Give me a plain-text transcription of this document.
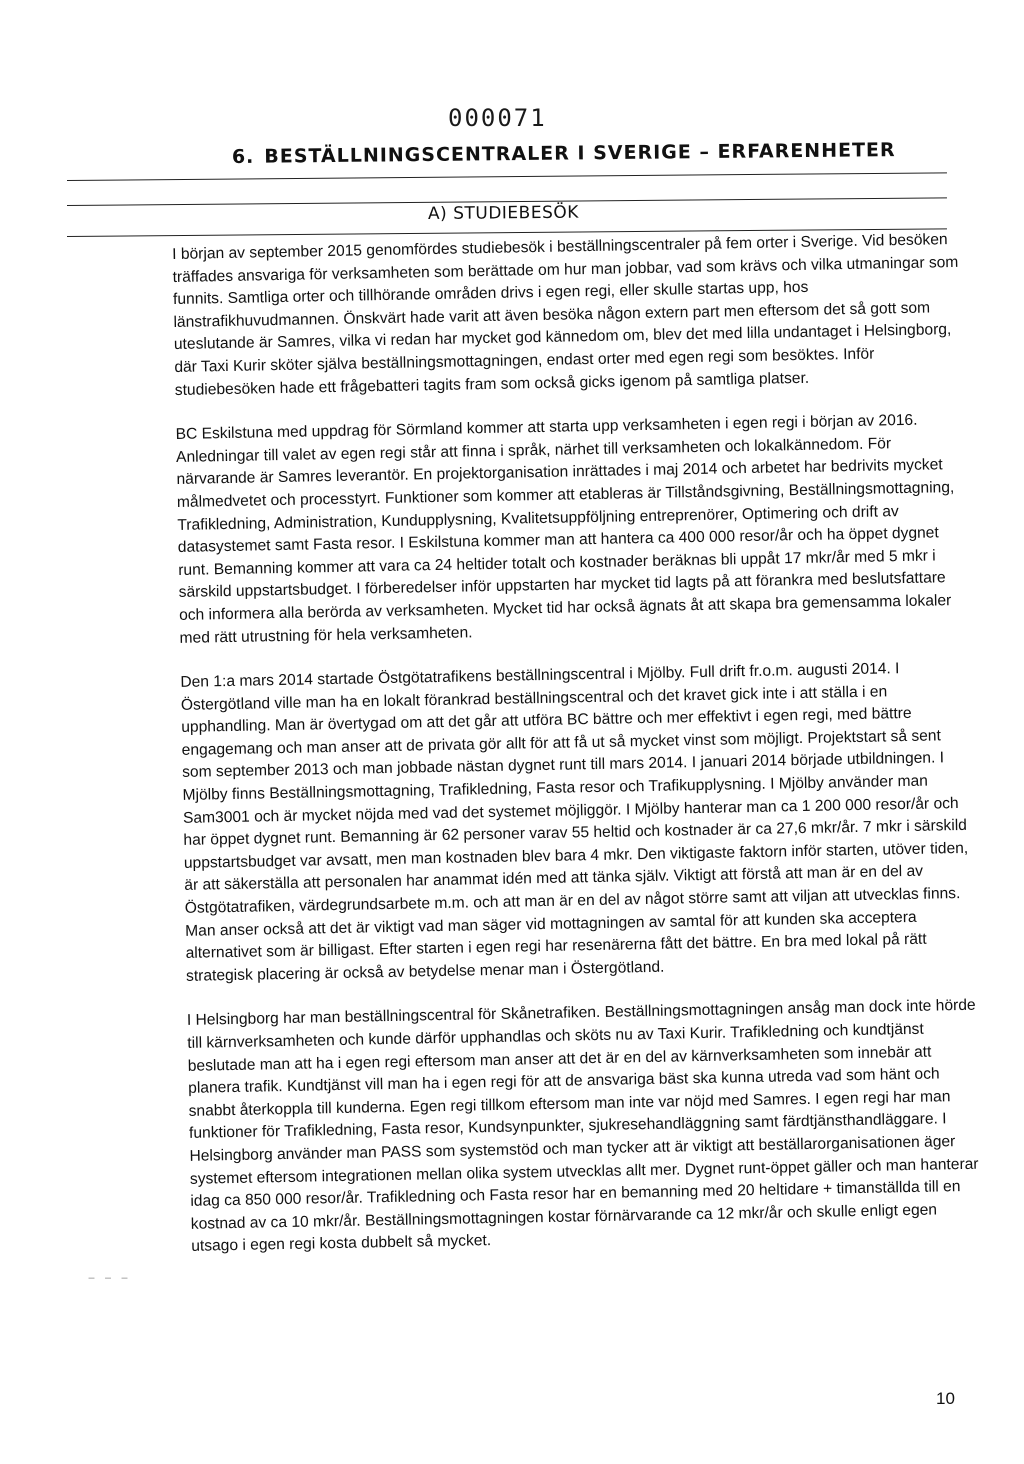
000071
6. BESTÄLLNINGSCENTRALER I SVERIGE – ERFARENHETER
A) STUDIEBESÖK

I början av september 2015 genomfördes studiebesök i beställningscentraler på fem orter i Sverige. Vid besöken träffades ansvariga för verksamheten som berättade om hur man jobbar, vad som krävs och vilka utmaningar som funnits. Samtliga orter och tillhörande områden drivs i egen regi, eller skulle startas upp, hos länstrafikhuvudmannen. Önskvärt hade varit att även besöka någon extern part men eftersom det så gott som uteslutande är Samres, vilka vi redan har mycket god kännedom om, blev det med lilla undantaget i Helsingborg, där Taxi Kurir sköter själva beställningsmottagningen, endast orter med egen regi som besöktes. Inför studiebesöken hade ett frågebatteri tagits fram som också gicks igenom på samtliga platser.

BC Eskilstuna med uppdrag för Sörmland kommer att starta upp verksamheten i egen regi i början av 2016. Anledningar till valet av egen regi står att finna i språk, närhet till verksamheten och lokalkännedom. För närvarande är Samres leverantör. En projektorganisation inrättades i maj 2014 och arbetet har bedrivits mycket målmedvetet och processtyrt. Funktioner som kommer att etableras är Tillståndsgivning, Beställningsmottagning, Trafikledning, Administration, Kundupplysning, Kvalitetsuppföljning entreprenörer, Optimering och drift av datasystemet samt Fasta resor. I Eskilstuna kommer man att hantera ca 400 000 resor/år och ha öppet dygnet runt. Bemanning kommer att vara ca 24 heltider totalt och kostnader beräknas bli uppåt 17 mkr/år med 5 mkr i särskild uppstartsbudget. I förberedelser inför uppstarten har mycket tid lagts på att förankra med beslutsfattare och informera alla berörda av verksamheten. Mycket tid har också ägnats åt att skapa bra gemensamma lokaler med rätt utrustning för hela verksamheten.

Den 1:a mars 2014 startade Östgötatrafikens beställningscentral i Mjölby. Full drift fr.o.m. augusti 2014. I Östergötland ville man ha en lokalt förankrad beställningscentral och det kravet gick inte i att ställa i en upphandling. Man är övertygad om att det går att utföra BC bättre och mer effektivt i egen regi, med bättre engagemang och man anser att de privata gör allt för att få ut så mycket vinst som möjligt. Projektstart så sent som september 2013 och man jobbade nästan dygnet runt till mars 2014. I januari 2014 började utbildningen. I Mjölby finns Beställningsmottagning, Trafikledning, Fasta resor och Trafikupplysning. I Mjölby använder man Sam3001 och är mycket nöjda med vad det systemet möjliggör. I Mjölby hanterar man ca 1 200 000 resor/år och har öppet dygnet runt. Bemanning är 62 personer varav 55 heltid och kostnader är ca 27,6 mkr/år. 7 mkr i särskild uppstartsbudget var avsatt, men man kostnaden blev bara 4 mkr. Den viktigaste faktorn inför starten, utöver tiden, är att säkerställa att personalen har anammat idén med att tänka själv. Viktigt att förstå att man är en del av Östgötatrafiken, värdegrundsarbete m.m. och att man är en del av något större samt att viljan att utvecklas finns. Man anser också att det är viktigt vad man säger vid mottagningen av samtal för att kunden ska acceptera alternativet som är billigast. Efter starten i egen regi har resenärerna fått det bättre. En bra med lokal på rätt strategisk placering är också av betydelse menar man i Östergötland.

I Helsingborg har man beställningscentral för Skånetrafiken. Beställningsmottagningen ansåg man dock inte hörde till kärnverksamheten och kunde därför upphandlas och sköts nu av Taxi Kurir. Trafikledning och kundtjänst beslutade man att ha i egen regi eftersom man anser att det är en del av kärnverksamheten som innebär att planera trafik. Kundtjänst vill man ha i egen regi för att de ansvariga bäst ska kunna utreda vad som hänt och snabbt återkoppla till kunderna. Egen regi tillkom eftersom man inte var nöjd med Samres. I egen regi har man funktioner för Trafikledning, Fasta resor, Kundsynpunkter, sjukresehandläggning samt färdtjänsthandläggare. I Helsingborg använder man PASS som systemstöd och man tycker att är viktigt att beställarorganisationen äger systemet eftersom integrationen mellan olika system utvecklas allt mer. Dygnet runt-öppet gäller och man hanterar idag ca 850 000 resor/år. Trafikledning och Fasta resor har en bemanning med 20 heltidare + timanställda till en kostnad av ca 10 mkr/år. Beställningsmottagningen kostar förnärvarande ca 12 mkr/år och skulle enligt egen utsago i egen regi kosta dubbelt så mycket.

‒ ‒ ‒
10
